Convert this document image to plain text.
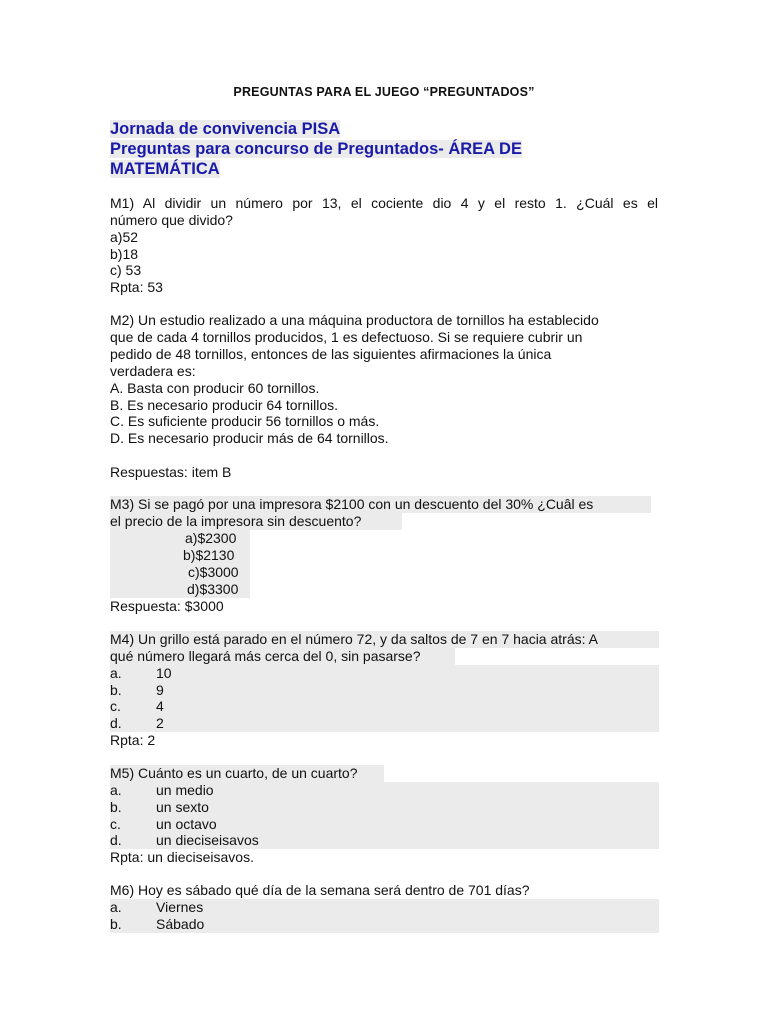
PREGUNTAS PARA EL JUEGO “PREGUNTADOS”
Jornada de convivencia PISA
Preguntas para concurso de Preguntados- ÁREA DE
MATEMÁTICA
M1) Al dividir un número por 13, el cociente dio 4 y el resto 1. ¿Cuál es el
número que divido?
a)52
b)18
c) 53
Rpta: 53
M2) Un estudio realizado a una máquina productora de tornillos ha establecido
que de cada 4 tornillos producidos, 1 es defectuoso. Si se requiere cubrir un
pedido de 48 tornillos, entonces de las siguientes afirmaciones la única
verdadera es:
A. Basta con producir 60 tornillos.
B. Es necesario producir 64 tornillos.
C. Es suficiente producir 56 tornillos o más.
D. Es necesario producir más de 64 tornillos.
Respuestas: item B
M3) Si se pagó por una impresora $2100 con un descuento del 30% ¿Cuâl es
el precio de la impresora sin descuento?
a)$2300
b)$2130
c)$3000
d)$3300
Respuesta: $3000
M4) Un grillo está parado en el número 72, y da saltos de 7 en 7 hacia atrás: A
qué número llegará más cerca del 0, sin pasarse?
a. 10
b. 9
c.	4
d. 2
Rpta: 2
M5) Cuánto es un cuarto, de un cuarto?
a. un medio
b. un sexto
c.	un octavo
d. un dieciseisavos
Rpta: un dieciseisavos.
M6) Hoy es sábado qué día de la semana será dentro de 701 días?
a. Viernes
b. Sábado
